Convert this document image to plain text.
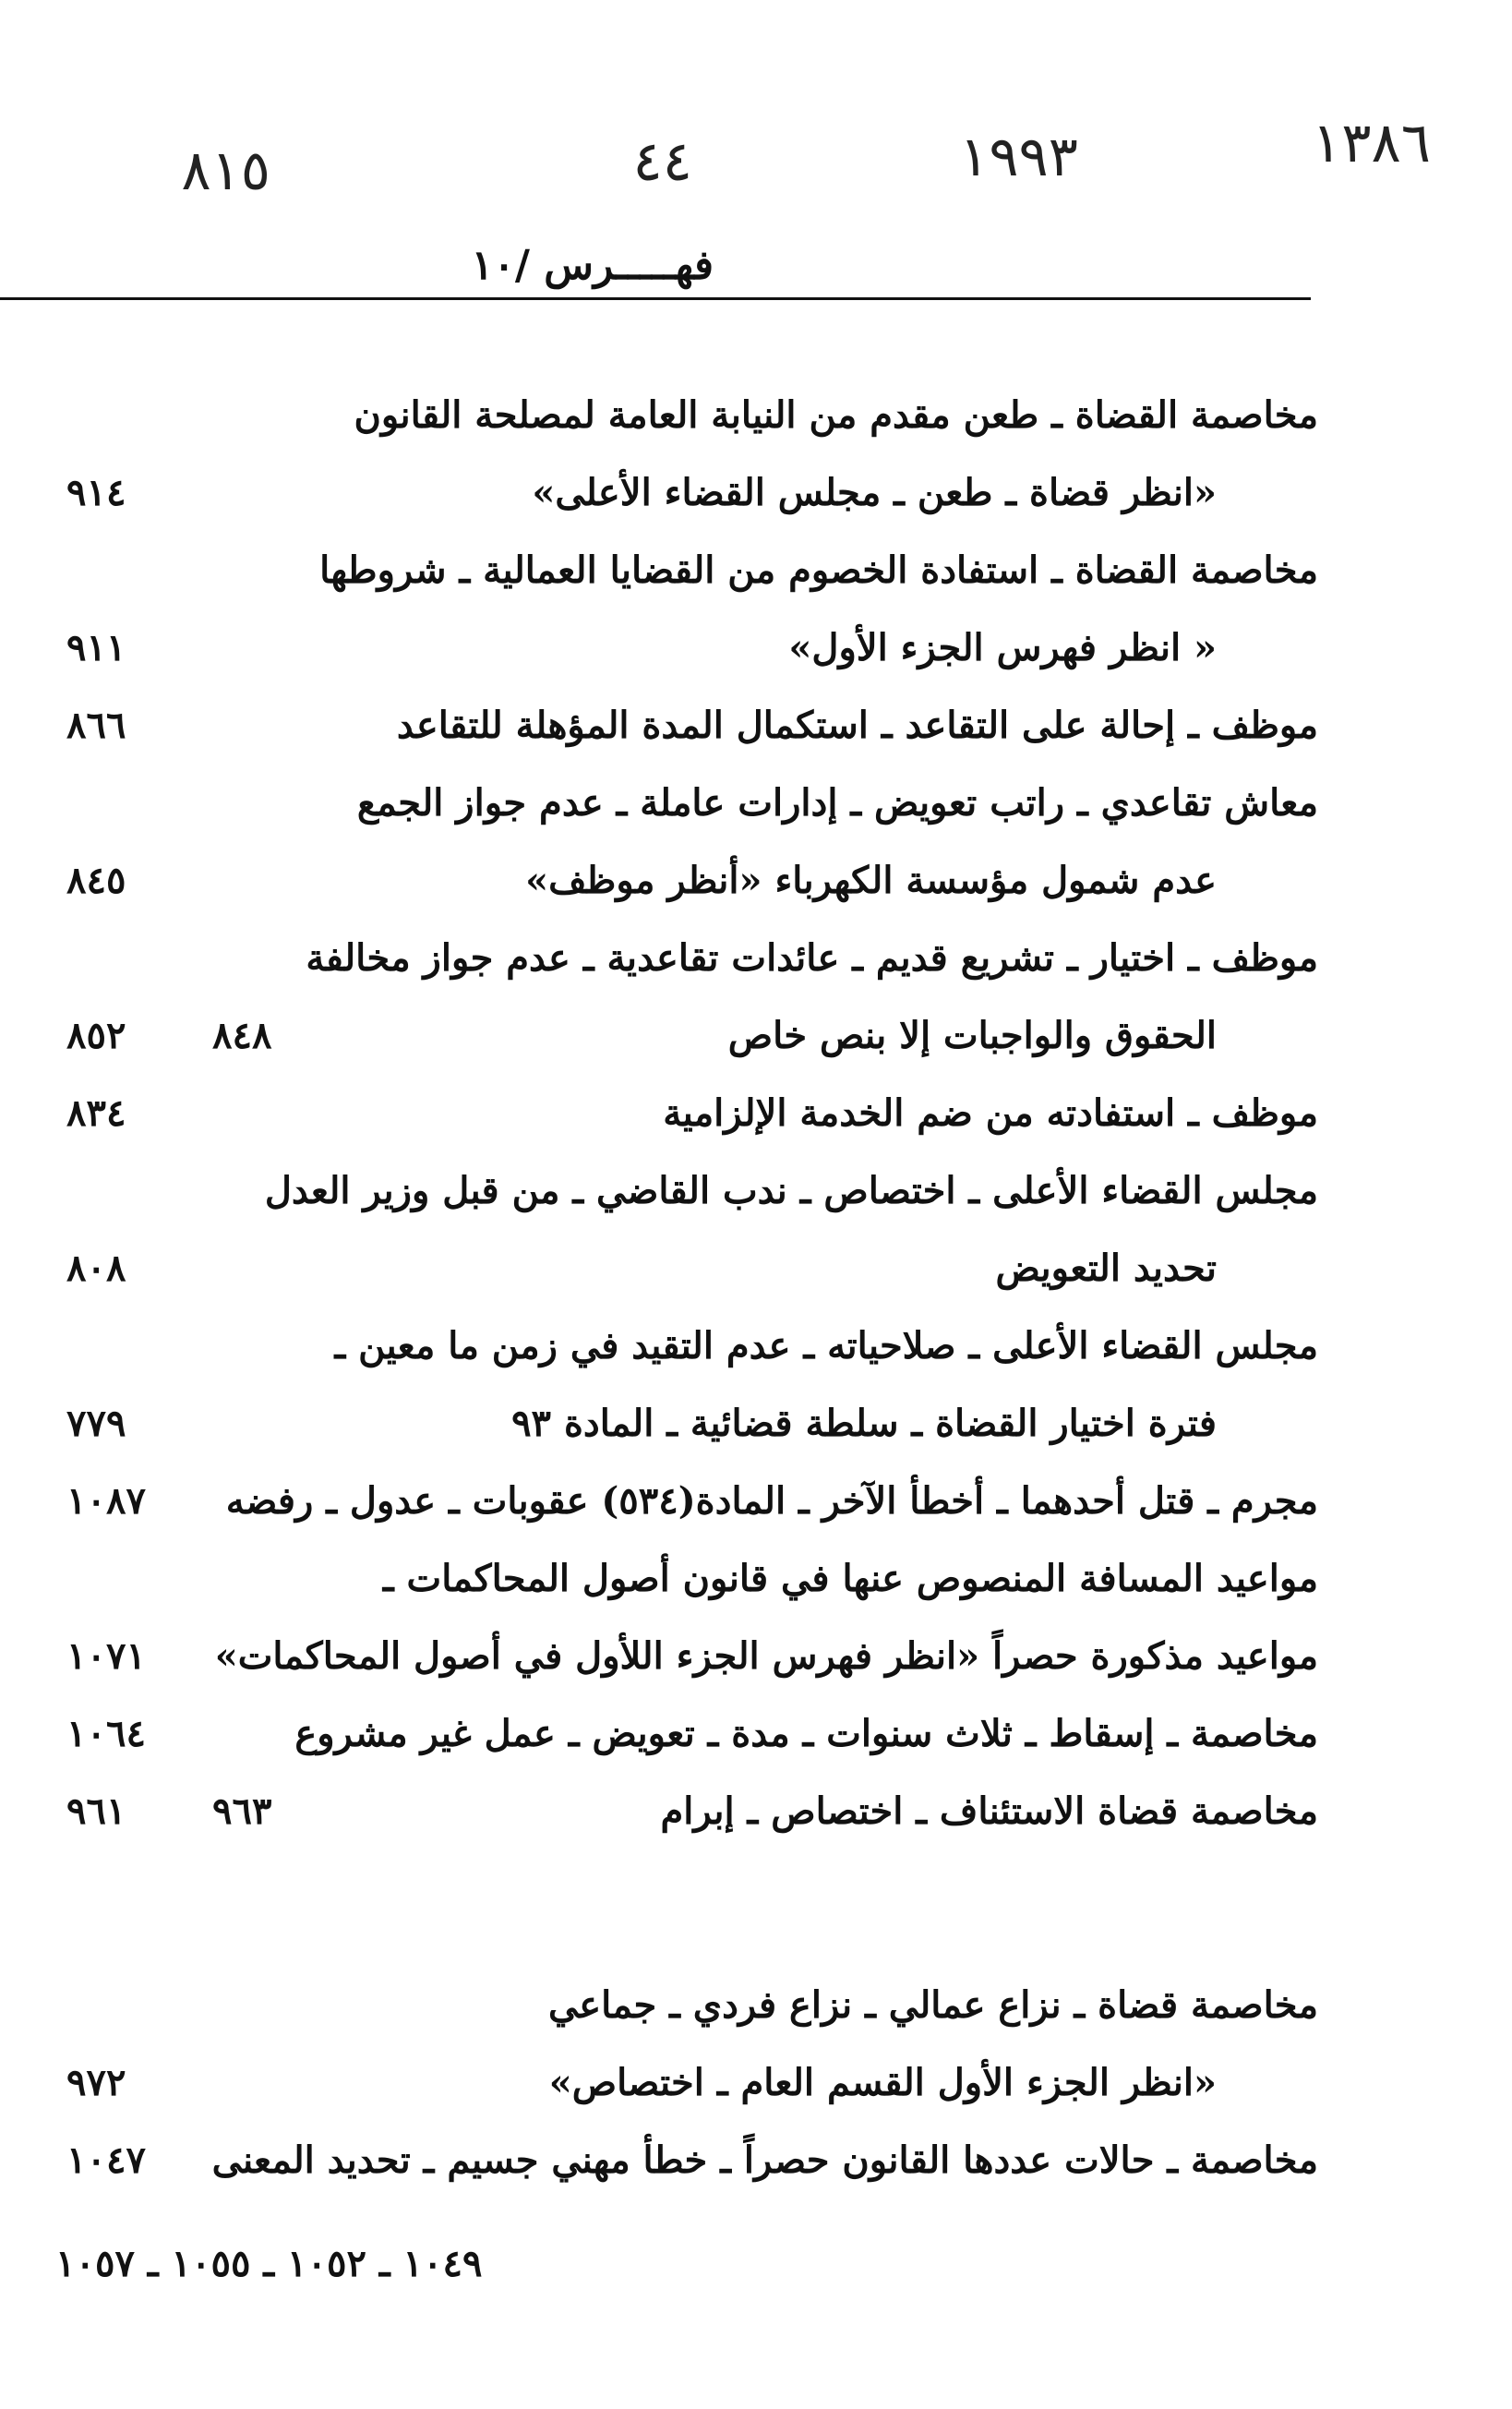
١٣٨٦
١٩٩٣
٤٤
٨١٥
فهـــــرس /١٠
مخاصمة القضاة ـ طعن مقدم من النيابة العامة لمصلحة القانون
«انظر قضاة ـ طعن ـ مجلس القضاء الأعلى»
٩١٤
مخاصمة القضاة ـ استفادة الخصوم من القضايا العمالية ـ شروطها
« انظر فهرس الجزء الأول»
٩١١
موظف ـ إحالة على التقاعد ـ استكمال المدة المؤهلة للتقاعد
٨٦٦
معاش تقاعدي ـ راتب تعويض ـ إدارات عاملة ـ عدم جواز الجمع
عدم شمول مؤسسة الكهرباء «أنظر موظف»
٨٤٥
موظف ـ اختيار ـ تشريع قديم ـ عائدات تقاعدية ـ عدم جواز مخالفة
الحقوق والواجبات إلا بنص خاص
٨٤٨
٨٥٢
موظف ـ استفادته من ضم الخدمة الإلزامية
٨٣٤
مجلس القضاء الأعلى ـ اختصاص ـ ندب القاضي ـ من قبل وزير العدل
تحديد التعويض
٨٠٨
مجلس القضاء الأعلى ـ صلاحياته ـ عدم التقيد في زمن ما معين ـ
فترة اختيار القضاة ـ سلطة قضائية ـ المادة ٩٣
٧٧٩
مجرم ـ قتل أحدهما ـ أخطأ الآخر ـ المادة(٥٣٤) عقوبات ـ عدول ـ رفضه
١٠٨٧
مواعيد المسافة المنصوص عنها في قانون أصول المحاكمات ـ
مواعيد مذكورة حصراً «انظر فهرس الجزء اللأول في أصول المحاكمات»
١٠٧١
مخاصمة ـ إسقاط ـ ثلاث سنوات ـ مدة ـ تعويض ـ عمل غير مشروع
١٠٦٤
مخاصمة قضاة الاستئناف ـ اختصاص ـ إبرام
٩٦٣
٩٦١
مخاصمة قضاة ـ نزاع عمالي ـ نزاع فردي ـ جماعي
«انظر الجزء الأول القسم العام ـ اختصاص»
٩٧٢
مخاصمة ـ حالات عددها القانون حصراً ـ خطأ مهني جسيم ـ تحديد المعنى
١٠٤٧
١٠٤٩ ـ ١٠٥٢ ـ ١٠٥٥ ـ ١٠٥٧
